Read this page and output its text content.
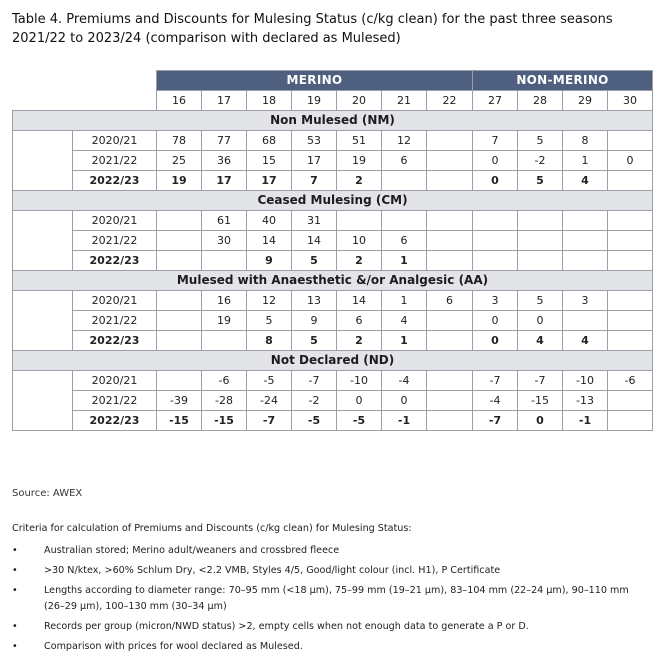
Table 4. Premiums and Discounts for Mulesing Status (c/kg clean) for the past three seasons 2021/22 to 2023/24 (comparison with declared as Mulesed)
		MERINO							NON-MERINO			
		16	17	18	19	20	21	22	27	28	29	30
Non Mulesed (NM)												
	2020/21	78	77	68	53	51	12		7	5	8	
	2021/22	25	36	15	17	19	6		0	-2	1	0
	2022/23	19	17	17	7	2			0	5	4	
Ceased Mulesing (CM)												
	2020/21		61	40	31							
	2021/22		30	14	14	10	6					
	2022/23			9	5	2	1					
Mulesed with Anaesthetic &/or Analgesic (AA)												
	2020/21		16	12	13	14	1	6	3	5	3	
	2021/22		19	5	9	6	4		0	0		
	2022/23			8	5	2	1		0	4	4	
Not Declared (ND)												
	2020/21		-6	-5	-7	-10	-4		-7	-7	-10	-6
	2021/22	-39	-28	-24	-2	0	0		-4	-15	-13	
	2022/23	-15	-15	-7	-5	-5	-1		-7	0	-1	
Source: AWEX
Criteria for calculation of Premiums and Discounts (c/kg clean) for Mulesing Status:
•	Australian stored; Merino adult/weaners and crossbred fleece
•	>30 N/ktex, >60% Schlum Dry, <2.2 VMB, Styles 4/5, Good/light colour (incl. H1), P Certificate
•	Lengths according to diameter range: 70–95 mm (<18 µm), 75–99 mm (19–21 µm), 83–104 mm (22–24 µm), 90–110 mm (26–29 µm), 100–130 mm (30–34 µm)
•	Records per group (micron/NWD status) >2, empty cells when not enough data to generate a P or D.
•	Comparison with prices for wool declared as Mulesed.
